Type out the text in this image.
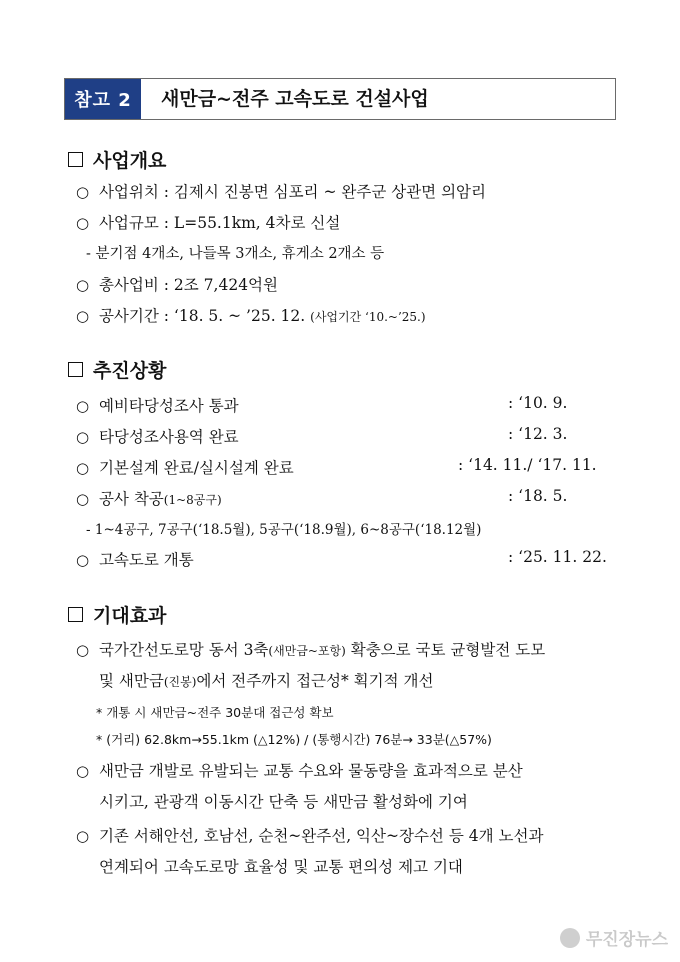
참고 2	새만금~전주 고속도로 건설사업
사업개요
○ 사업위치 : 김제시 진봉면 심포리 ~ 완주군 상관면 의암리
○ 사업규모 : L=55.1km, 4차로 신설
- 분기점 4개소, 나들목 3개소, 휴게소 2개소 등
○ 총사업비 : 2조 7,424억원
○ 공사기간 : ‘18. 5. ~ ’25. 12. (사업기간 ‘10.~’25.)
추진상황
○ 예비타당성조사 통과	: ‘10. 9.
○ 타당성조사용역 완료	: ‘12. 3.
○ 기본설계 완료/실시설계 완료	: ‘14. 11./ ‘17. 11.
○ 공사 착공(1~8공구)	: ‘18. 5.
- 1~4공구, 7공구(‘18.5월), 5공구(‘18.9월), 6~8공구(‘18.12월)
○ 고속도로 개통	: ‘25. 11. 22.
기대효과
○ 국가간선도로망 동서 3축(새만금~포항) 확충으로 국토 균형발전 도모
및 새만금(진봉)에서 전주까지 접근성* 획기적 개선
* 개통 시 새만금~전주 30분대 접근성 확보
* (거리) 62.8km→55.1km (△12%) / (통행시간) 76분→ 33분(△57%)
○ 새만금 개발로 유발되는 교통 수요와 물동량을 효과적으로 분산
시키고, 관광객 이동시간 단축 등 새만금 활성화에 기여
○ 기존 서해안선, 호남선, 순천~완주선, 익산~장수선 등 4개 노선과
연계되어 고속도로망 효율성 및 교통 편의성 제고 기대
무진장뉴스
